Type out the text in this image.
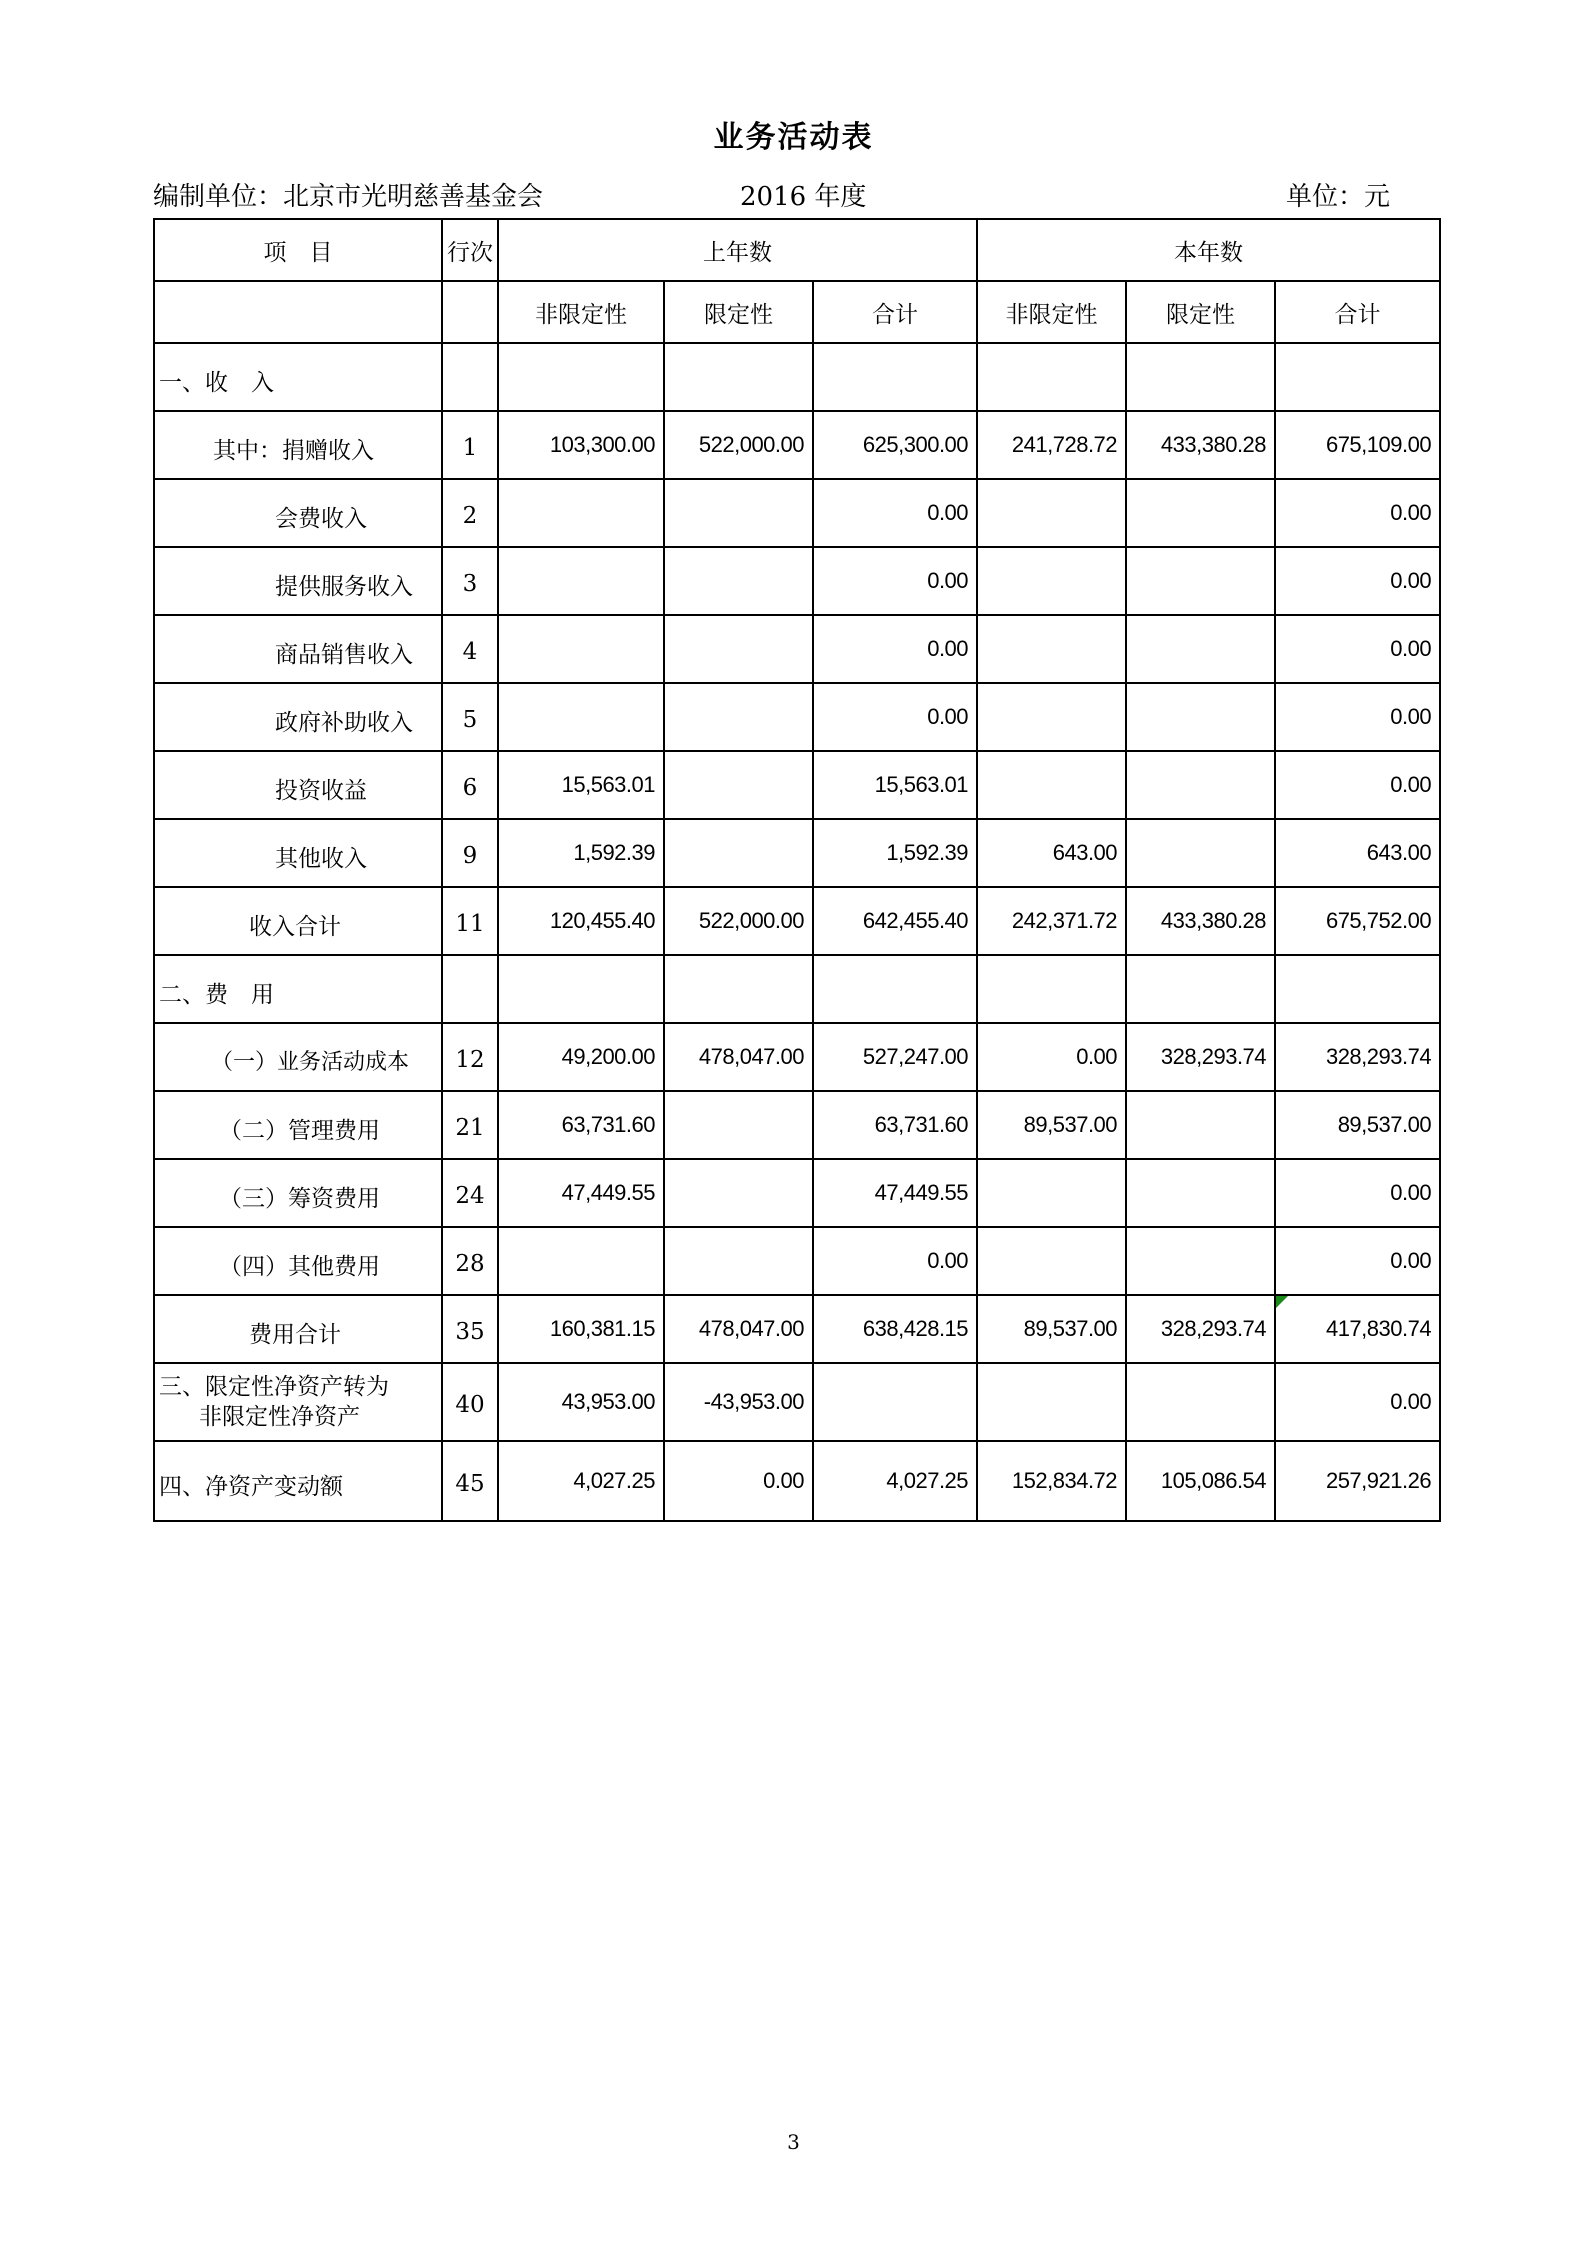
业务活动表
编制单位：北京市光明慈善基金会	2016 年度	单位：元
项　目	行次	上年数			本年数		
		非限定性	限定性	合计	非限定性	限定性	合计
一、收　入							
其中：捐赠收入	1	103,300.00	522,000.00	625,300.00	241,728.72	433,380.28	675,109.00
会费收入	2			0.00			0.00
提供服务收入	3			0.00			0.00
商品销售收入	4			0.00			0.00
政府补助收入	5			0.00			0.00
投资收益	6	15,563.01		15,563.01			0.00
其他收入	9	1,592.39		1,592.39	643.00		643.00
收入合计	11	120,455.40	522,000.00	642,455.40	242,371.72	433,380.28	675,752.00
二、费　用							
（一）业务活动成本	12	49,200.00	478,047.00	527,247.00	0.00	328,293.74	328,293.74
（二）管理费用	21	63,731.60		63,731.60	89,537.00		89,537.00
（三）筹资费用	24	47,449.55		47,449.55			0.00
（四）其他费用	28			0.00			0.00
费用合计	35	160,381.15	478,047.00	638,428.15	89,537.00	328,293.74	417,830.74

三、限定性净资产转为
非限定性净资产	40	43,953.00	-43,953.00				0.00
四、净资产变动额	45	4,027.25	0.00	4,027.25	152,834.72	105,086.54	257,921.26
3
